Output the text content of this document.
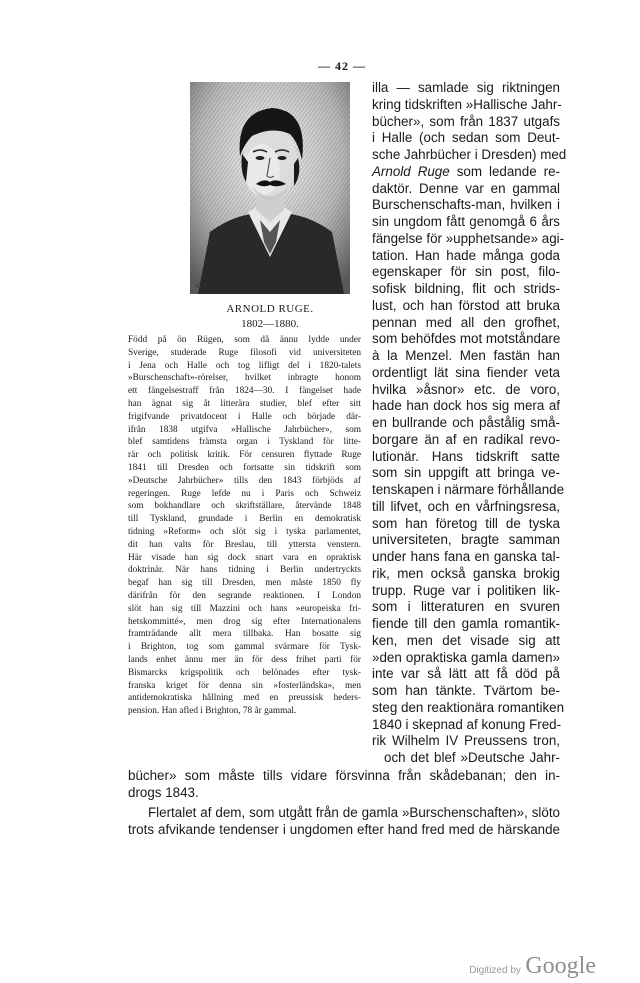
— 42 —
C.L.
ARNOLD RUGE.
1802—1880.
Född på ön Rügen, som då ännu lydde under
Sverige, studerade Ruge filosofi vid universiteten
i Jena och Halle och tog lifligt del i 1820-talets
»Burschenschaft»-rörelser, hvilket inbragte honom
ett fängelsestraff från 1824—30. I fängelset hade
han ägnat sig åt litterära studier, blef efter sitt
frigifvande privatdocent i Halle och började där-
ifrån 1838 utgifva »Hallische Jahrbücher», som
blef samtidens främsta organ i Tyskland för litte-
rär och politisk kritik. För censuren flyttade Ruge
1841 till Dresden och fortsatte sin tidskrift som
»Deutsche Jahrbücher» tills den 1843 förbjöds af
regeringen. Ruge lefde nu i Paris och Schweiz
som bokhandlare och skriftställare, återvände 1848
till Tyskland, grundade i Berlin en demokratisk
tidning »Reform» och slöt sig i tyska parlamentet,
dit han valts för Breslau, till yttersta venstern.
Här visade han sig dock snart vara en opraktisk
doktrinär. När hans tidning i Berlin undertryckts
begaf han sig till Dresden, men måste 1850 fly
därifrån för den segrande reaktionen. I London
slöt han sig till Mazzini och hans »europeiska fri-
hetskommitté», men drog sig efter Internationalens
framträdande allt mera tillbaka. Han bosatte sig
i Brighton, tog som gammal svärmare för Tysk-
lands enhet ännu mer än för dess frihet parti för
Bismarcks krigspolitik och belönades efter tysk-
franska kriget för denna sin »fosterländska», men
antidemokratiska hållning med en preussisk heders-
pension. Han afled i Brighton, 78 år gammal.
illa — samlade sig riktningen
kring tidskriften »Hallische Jahr-
bücher», som från 1837 utgafs
i Halle (och sedan som Deut-
sche Jahrbücher i Dresden) med
Arnold Ruge som ledande re-
daktör. Denne var en gammal
Burschenschafts-man, hvilken i
sin ungdom fått genomgå 6 års
fängelse för »upphetsande» agi-
tation. Han hade många goda
egenskaper för sin post, filo-
sofisk bildning, flit och strids-
lust, och han förstod att bruka
pennan med all den grofhet,
som behöfdes mot motståndare
à la Menzel. Men fastän han
ordentligt lät sina fiender veta
hvilka »åsnor» etc. de voro,
hade han dock hos sig mera af
en bullrande och påstålig små-
borgare än af en radikal revo-
lutionär. Hans tidskrift satte
som sin uppgift att bringa ve-
tenskapen i närmare förhållande
till lifvet, och en vårfningsresa,
som han företog till de tyska
universiteten, bragte samman
under hans fana en ganska tal-
rik, men också ganska brokig
trupp. Ruge var i politiken lik-
som i litteraturen en svuren
fiende till den gamla romantik-
ken, men det visade sig att
»den opraktiska gamla damen»
inte var så lätt att få död på
som han tänkte. Tvärtom be-
steg den reaktionära romantiken
1840 i skepnad af konung Fred-
rik Wilhelm IV Preussens tron,
och det blef »Deutsche Jahr-
bücher» som måste tills vidare försvinna från skådebanan; den in-
drogs 1843.
Flertalet af dem, som utgått från de gamla »Burschenschaften», slöto
trots afvikande tendenser i ungdomen efter hand fred med de härskande
Digitized by Google
